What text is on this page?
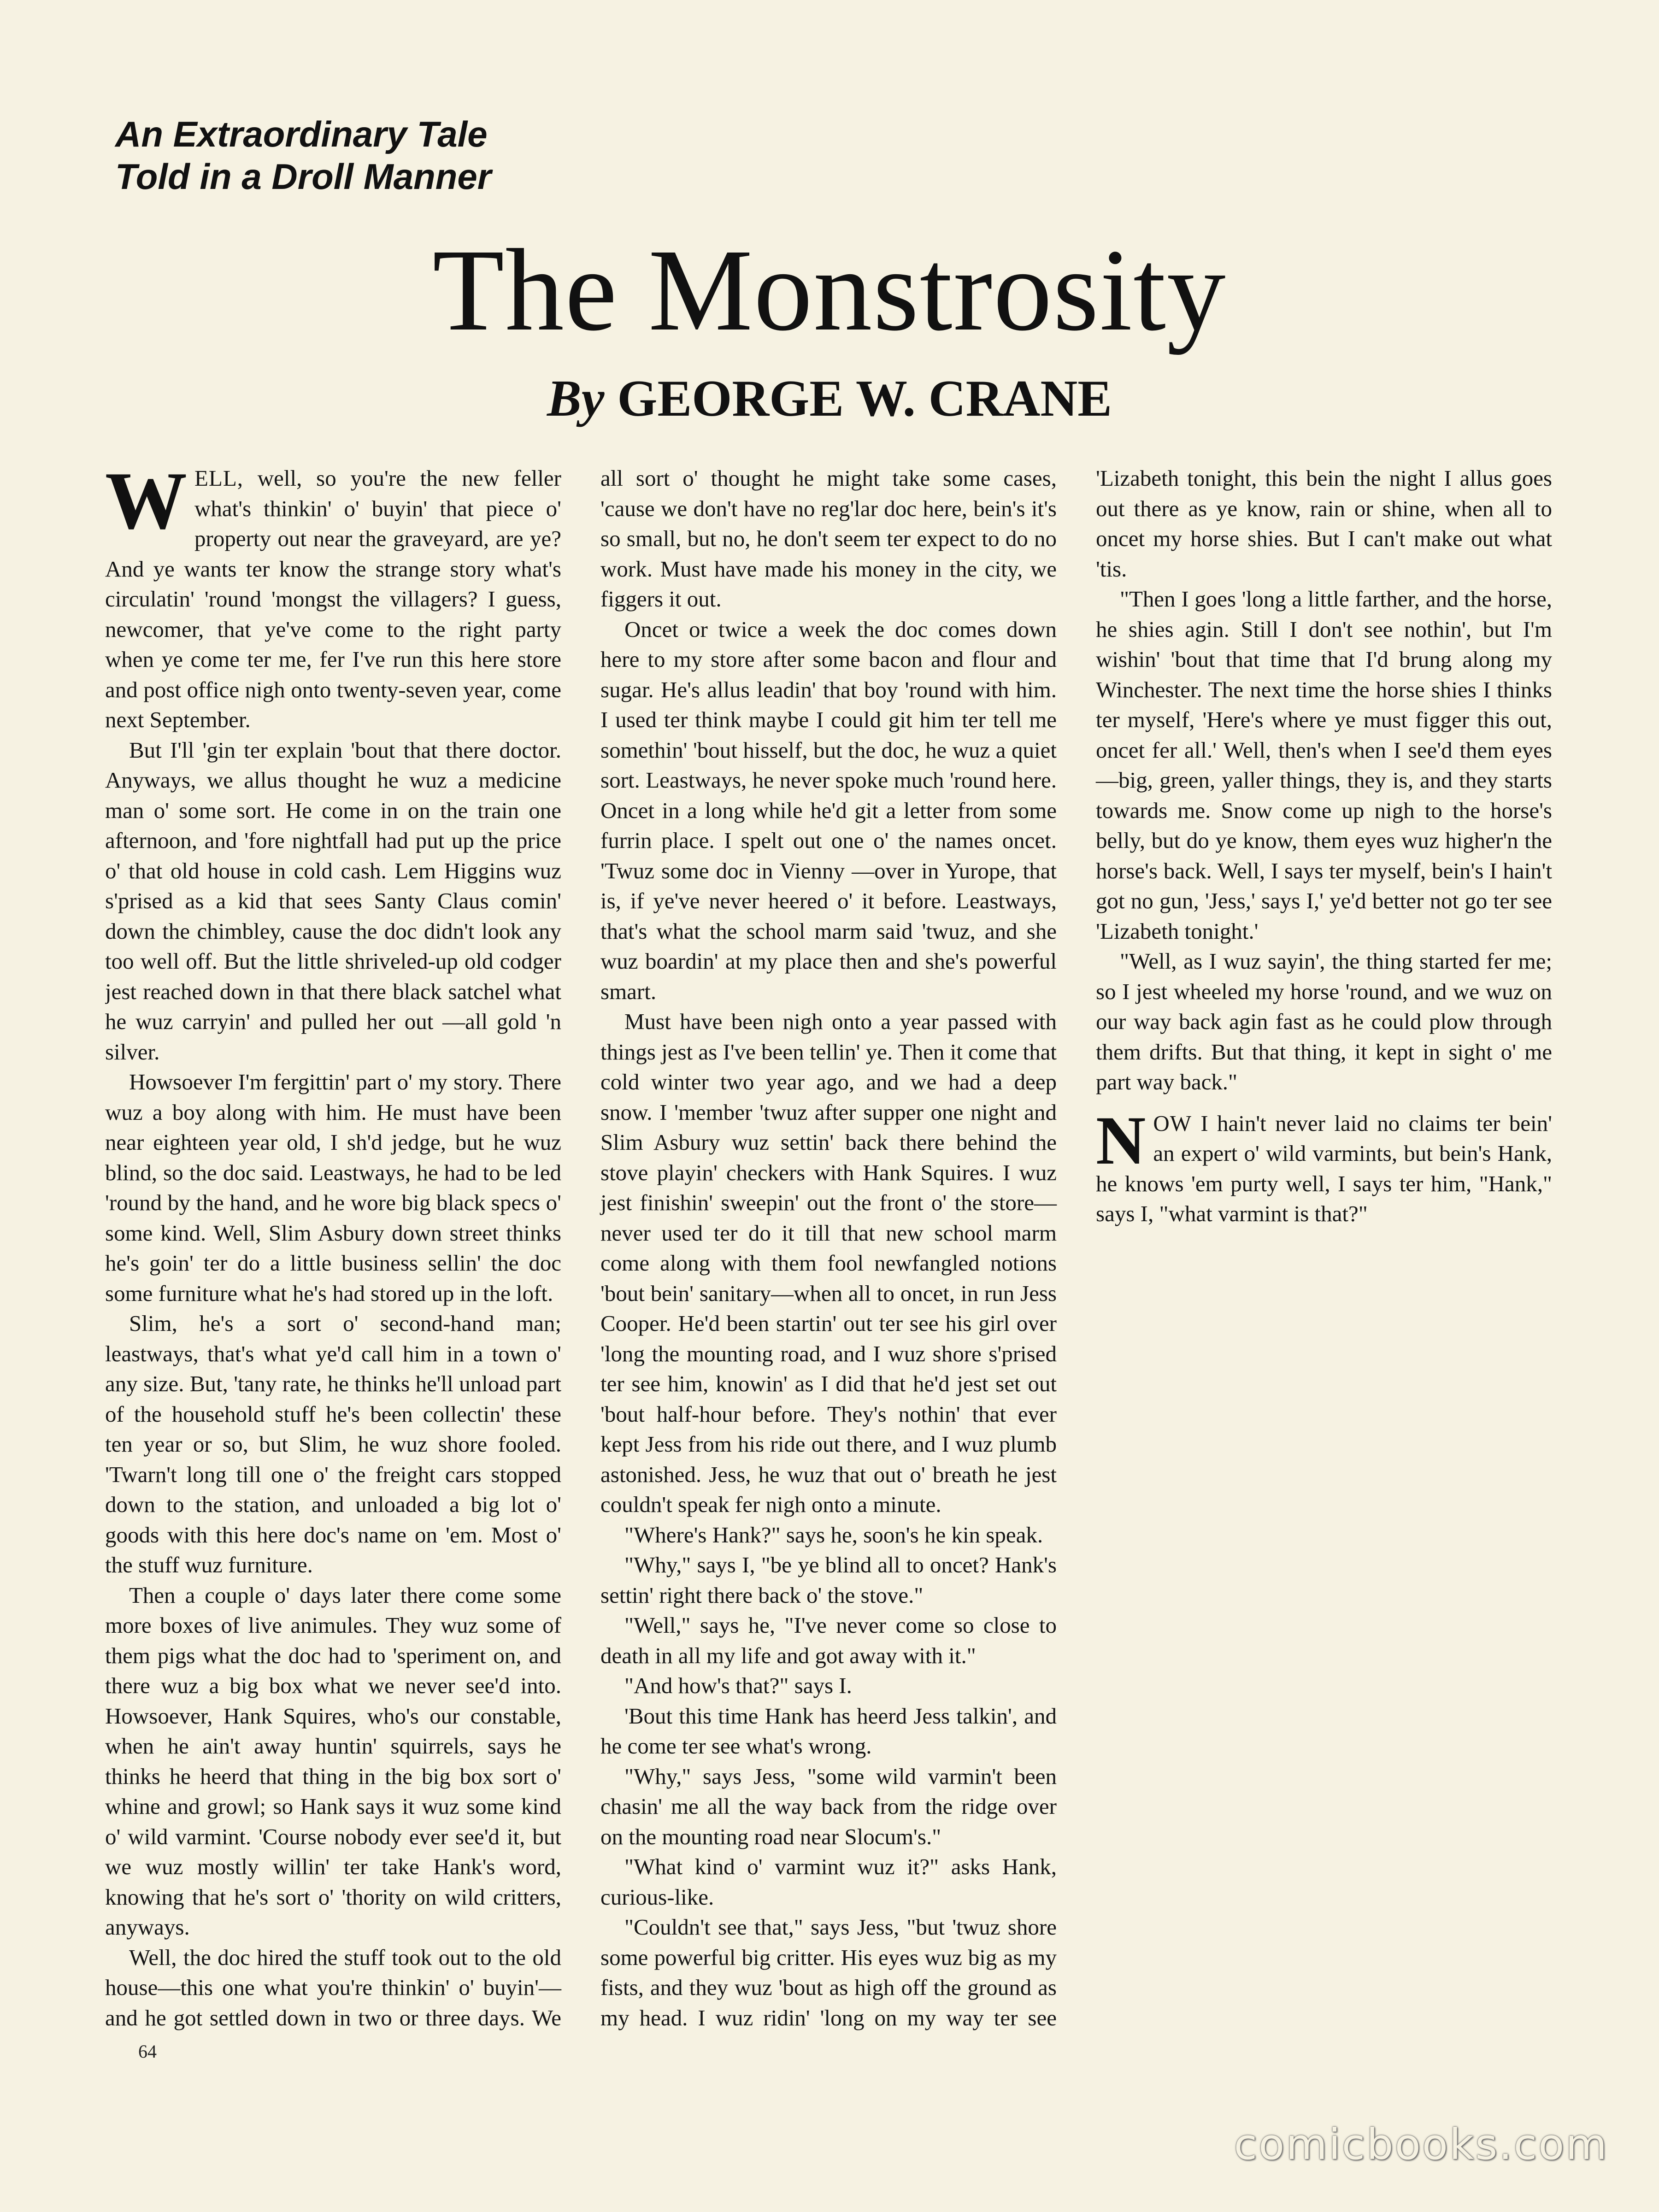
An Extraordinary Tale
Told in a Droll Manner
The Monstrosity
By GEORGE W. CRANE

WELL, well, so you're the new feller what's thinkin' o' buyin' that piece o' property out near the graveyard, are ye? And ye wants ter know the strange story what's circulatin' 'round 'mongst the villagers? I guess, newcomer, that ye've come to the right party when ye come ter me, fer I've run this here store and post office nigh onto twenty-seven year, come next September.

But I'll 'gin ter explain 'bout that there doctor. Anyways, we allus thought he wuz a medicine man o' some sort. He come in on the train one afternoon, and 'fore nightfall had put up the price o' that old house in cold cash. Lem Higgins wuz s'prised as a kid that sees Santy Claus comin' down the chimbley, cause the doc didn't look any too well off. But the little shriveled-up old codger jest reached down in that there black satchel what he wuz carryin' and pulled her out —all gold 'n silver.

Howsoever I'm fergittin' part o' my story. There wuz a boy along with him. He must have been near eighteen year old, I sh'd jedge, but he wuz blind, so the doc said. Leastways, he had to be led 'round by the hand, and he wore big black specs o' some kind. Well, Slim Asbury down street thinks he's goin' ter do a little business sellin' the doc some furniture what he's had stored up in the loft.

Slim, he's a sort o' second-hand man; leastways, that's what ye'd call him in a town o' any size. But, 'tany rate, he thinks he'll unload part of the household stuff he's been collectin' these ten year or so, but Slim, he wuz shore fooled. 'Twarn't long till one o' the freight cars stopped down to the station, and unloaded a big lot o' goods with this here doc's name on 'em. Most o' the stuff wuz furniture.

Then a couple o' days later there come some more boxes of live animules. They wuz some of them pigs what the doc had to 'speriment on, and there wuz a big box what we never see'd into. Howsoever, Hank Squires, who's our constable, when he ain't away huntin' squirrels, says he thinks he heerd that thing in the big box sort o' whine and growl; so Hank says it wuz some kind o' wild varmint. 'Course nobody ever see'd it, but we wuz mostly willin' ter take Hank's word, knowing that he's sort o' 'thority on wild critters, anyways.

Well, the doc hired the stuff took out to the old house—this one what you're thinkin' o' buyin'—and he got settled down in two or three days. We all sort o' thought he might take some cases, 'cause we don't have no reg'lar doc here, bein's it's so small, but no, he don't seem ter expect to do no work. Must have made his money in the city, we figgers it out.

Oncet or twice a week the doc comes down here to my store after some bacon and flour and sugar. He's allus leadin' that boy 'round with him. I used ter think maybe I could git him ter tell me somethin' 'bout hisself, but the doc, he wuz a quiet sort. Leastways, he never spoke much 'round here. Oncet in a long while he'd git a letter from some furrin place. I spelt out one o' the names oncet. 'Twuz some doc in Vienny —over in Yurope, that is, if ye've never heered o' it before. Leastways, that's what the school marm said 'twuz, and she wuz boardin' at my place then and she's powerful smart.

Must have been nigh onto a year passed with things jest as I've been tellin' ye. Then it come that cold winter two year ago, and we had a deep snow. I 'member 'twuz after supper one night and Slim Asbury wuz settin' back there behind the stove playin' checkers with Hank Squires. I wuz jest finishin' sweepin' out the front o' the store—never used ter do it till that new school marm come along with them fool newfangled notions 'bout bein' sanitary—when all to oncet, in run Jess Cooper. He'd been startin' out ter see his girl over 'long the mounting road, and I wuz shore s'prised ter see him, knowin' as I did that he'd jest set out 'bout half-hour before. They's nothin' that ever kept Jess from his ride out there, and I wuz plumb astonished. Jess, he wuz that out o' breath he jest couldn't speak fer nigh onto a minute.

"Where's Hank?" says he, soon's he kin speak.

"Why," says I, "be ye blind all to oncet? Hank's settin' right there back o' the stove."

"Well," says he, "I've never come so close to death in all my life and got away with it."

"And how's that?" says I.

'Bout this time Hank has heerd Jess talkin', and he come ter see what's wrong.

"Why," says Jess, "some wild varmin't been chasin' me all the way back from the ridge over on the mounting road near Slocum's."

"What kind o' varmint wuz it?" asks Hank, curious-like.

"Couldn't see that," says Jess, "but 'twuz shore some powerful big critter. His eyes wuz big as my fists, and they wuz 'bout as high off the ground as my head. I wuz ridin' 'long on my way ter see 'Lizabeth tonight, this bein the night I allus goes out there as ye know, rain or shine, when all to oncet my horse shies. But I can't make out what 'tis.

"Then I goes 'long a little farther, and the horse, he shies agin. Still I don't see nothin', but I'm wishin' 'bout that time that I'd brung along my Winchester. The next time the horse shies I thinks ter myself, 'Here's where ye must figger this out, oncet fer all.' Well, then's when I see'd them eyes—big, green, yaller things, they is, and they starts towards me. Snow come up nigh to the horse's belly, but do ye know, them eyes wuz higher'n the horse's back. Well, I says ter myself, bein's I hain't got no gun, 'Jess,' says I,' ye'd better not go ter see 'Lizabeth tonight.'

"Well, as I wuz sayin', the thing started fer me; so I jest wheeled my horse 'round, and we wuz on our way back agin fast as he could plow through them drifts. But that thing, it kept in sight o' me part way back."

NOW I hain't never laid no claims ter bein' an expert o' wild varmints, but bein's Hank, he knows 'em purty well, I says ter him, "Hank," says I, "what varmint is that?"

64
comicbooks.com
